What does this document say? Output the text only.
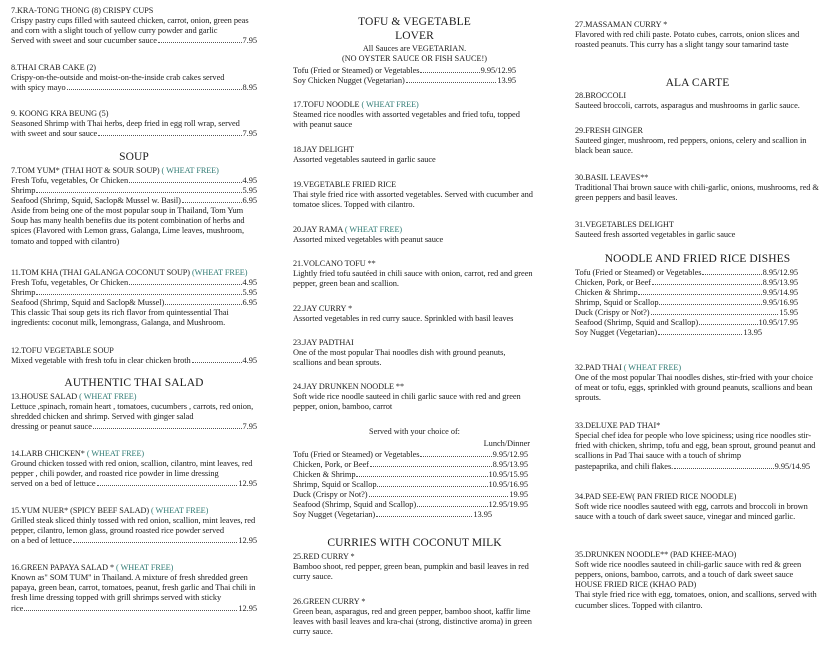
7.KRA-TONG THONG (8) CRISPY CUPS
Crispy pastry cups filled with sauteed chicken, carrot, onion, green peas and corn with a slight touch of yellow curry powder and garlic
Served with sweet and sour cucumber sauce	7.95
8.THAI CRAB CAKE (2)
Crispy-on-the-outside and moist-on-the-inside crab cakes served
with spicy mayo	8.95
9. KOONG KRA BEUNG (5)
Seasoned Shrimp with Thai herbs, deep fried in egg roll wrap, served
with sweet and sour sauce	7.95
SOUP
7.TOM YUM* (THAI HOT & SOUR SOUP) ( WHEAT FREE)
Fresh Tofu, vegetables, Or Chicken	4.95
Shrimp	5.95
Seafood (Shrimp, Squid, Saclop& Mussel w. Basil)	6.95
Aside from being one of the most popular soup in Thailand, Tom Yum Soup has many health benefits due its potent combination of herbs and spices (Flavored with Lemon grass, Galanga, Lime leaves, mushroom, tomato and topped with cilantro)
11.TOM KHA (THAI GALANGA COCONUT SOUP) (WHEAT FREE)
Fresh Tofu, vegetables, Or Chicken	4.95
Shrimp	5.95
Seafood (Shrimp, Squid and Saclop& Mussel)	6.95
This classic Thai soup gets its rich flavor from quintessential Thai ingredients: coconut milk, lemongrass, Galanga, and Mushroom.
12.TOFU VEGETABLE SOUP
Mixed vegetable with fresh tofu in clear chicken broth	4.95
AUTHENTIC THAI SALAD
13.HOUSE SALAD ( WHEAT FREE)
Lettuce ,spinach, romain heart , tomatoes, cucumbers , carrots, red onion, shredded chicken and shrimp. Served with ginger salad
dressing or peanut sauce	7.95
14.LARB CHICKEN* ( WHEAT FREE)
Ground chicken tossed with red onion, scallion, cilantro, mint leaves, red pepper , chili powder, and roasted rice powder in lime dressing
served on a bed of lettuce	12.95
15.YUM NUER* (SPICY BEEF SALAD) ( WHEAT FREE)
Grilled steak sliced thinly tossed with red onion, scallion, mint leaves, red pepper, cilantro, lemon glass, ground roasted rice powder served
on a bed of lettuce	12.95
16.GREEN PAPAYA SALAD * ( WHEAT FREE)
Known as" SOM TUM" in Thailand. A mixture of fresh shredded green papaya, green bean, carrot, tomatoes, peanut, fresh garlic and Thai chili in fresh lime dressing topped with grill shrimps served with sticky
rice	12.95
TOFU & VEGETABLE
LOVER
All Sauces are VEGETARIAN.
(NO OYSTER SAUCE OR FISH SAUCE!)
Tofu (Fried or Steamed) or Vegetables	9.95/12.95
Soy Chicken Nugget (Vegetarian)	13.95
17.TOFU NOODLE ( WHEAT FREE)
Steamed rice noodles with assorted vegetables and fried tofu, topped with peanut sauce
18.JAY DELIGHT
Assorted vegetables sauteed in garlic sauce
19.VEGETABLE FRIED RICE
Thai style fried rice with assorted vegetables. Served with cucumber and tomatoe slices. Topped with cilantro.
20.JAY RAMA ( WHEAT FREE)
Assorted mixed vegetables with peanut sauce
21.VOLCANO TOFU **
Lightly fried tofu sautéed in chili sauce with onion, carrot, red and green pepper, green bean and scallion.
22.JAY CURRY *
Assorted vegetables in red curry sauce. Sprinkled with basil leaves
23.JAY PADTHAI
One of the most popular Thai noodles dish with ground peanuts, scallions and bean sprouts.
24.JAY DRUNKEN NOODLE **
Soft wide rice noodle sauteed in chili garlic sauce with red and green pepper, onion, bamboo, carrot
Served with your choice of:
Lunch/Dinner
Tofu (Fried or Steamed) or Vegetables	9.95/12.95
Chicken, Pork, or Beef	8.95/13.95
Chicken & Shrimp	10.95/15.95
Shrimp, Squid or Scallop	10.95/16.95
Duck (Crispy or Not?)	19.95
Seafood (Shrimp, Squid and Scallop)	12.95/19.95
Soy Nugget (Vegetarian)	13.95
CURRIES WITH COCONUT MILK
25.RED CURRY *
Bamboo shoot, red pepper, green bean, pumpkin and basil leaves in red curry sauce.
26.GREEN CURRY *
Green bean, asparagus, red and green pepper, bamboo shoot, kaffir lime leaves with basil leaves and kra-chai (strong, distinctive aroma) in green curry sauce.
27.MASSAMAN CURRY *
Flavored with red chili paste. Potato cubes, carrots, onion slices and roasted peanuts. This curry has a slight tangy sour tamarind taste
ALA CARTE
28.BROCCOLI
Sauteed broccoli, carrots, asparagus and mushrooms in garlic sauce.
29.FRESH GINGER
Sauteed ginger, mushroom, red peppers, onions, celery and scallion in black bean sauce.
30.BASIL LEAVES**
Traditional Thai brown sauce with chili-garlic, onions, mushrooms, red & green peppers and basil leaves.
31.VEGETABLES DELIGHT
Sauteed fresh assorted vegetables in garlic sauce
NOODLE AND FRIED RICE DISHES
Tofu (Fried or Steamed) or Vegetables	8.95/12.95
Chicken, Pork, or Beef	8.95/13.95
Chicken & Shrimp	9.95/14.95
Shrimp, Squid or Scallop	9.95/16.95
Duck (Crispy or Not?)	15.95
Seafood (Shrimp, Squid and Scallop)	10.95/17.95
Soy Nugget (Vegetarian)	13.95
32.PAD THAI ( WHEAT FREE)
One of the most popular Thai noodles dishes, stir-fried with your choice of meat or tofu, eggs, sprinkled with ground peanuts, scallions and bean sprouts.
33.DELUXE PAD THAI*
Special chef idea for people who love spiciness; using rice noodles stir-fried with chicken, shrimp, tofu and egg, bean sprout, ground peanut and scallions in Pad Thai sauce with a touch of shrimp
pastepaprika, and chili flakes.	9.95/14.95
34.PAD SEE-EW( PAN FRIED RICE NOODLE)
Soft wide rice noodles sauteed with egg, carrots and broccoli in brown sauce with a touch of dark sweet sauce, vinegar and minced garlic.
35.DRUNKEN NOODLE** (PAD KHEE-MAO)
Soft wide rice noodles sauteed in chili-garlic sauce with red & green peppers, onions, bamboo, carrots, and a touch of dark sweet sauce
HOUSE FRIED RICE (KHAO PAD)
Thai style fried rice with egg, tomatoes, onion, and scallions, served with cucumber slices. Topped with cilantro.
